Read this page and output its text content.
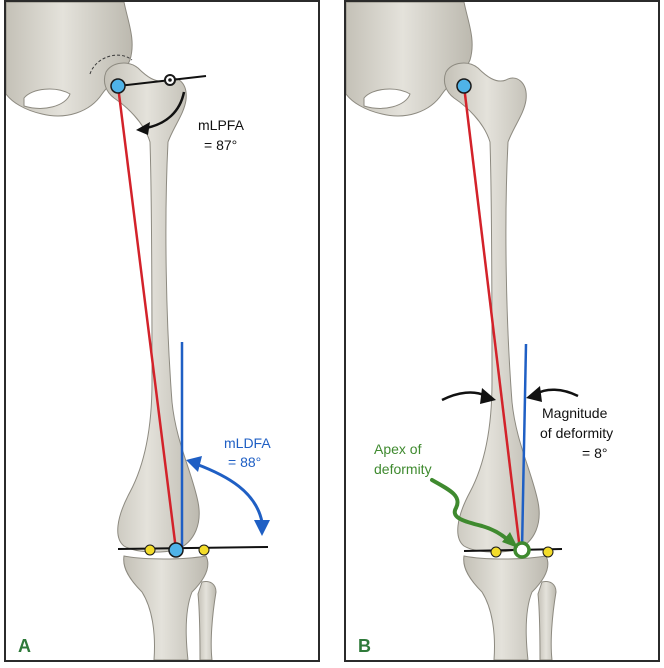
mLPFA
= 87°
mLDFA
= 88°
A
Magnitude
of deformity
= 8°
Apex of
deformity
B
